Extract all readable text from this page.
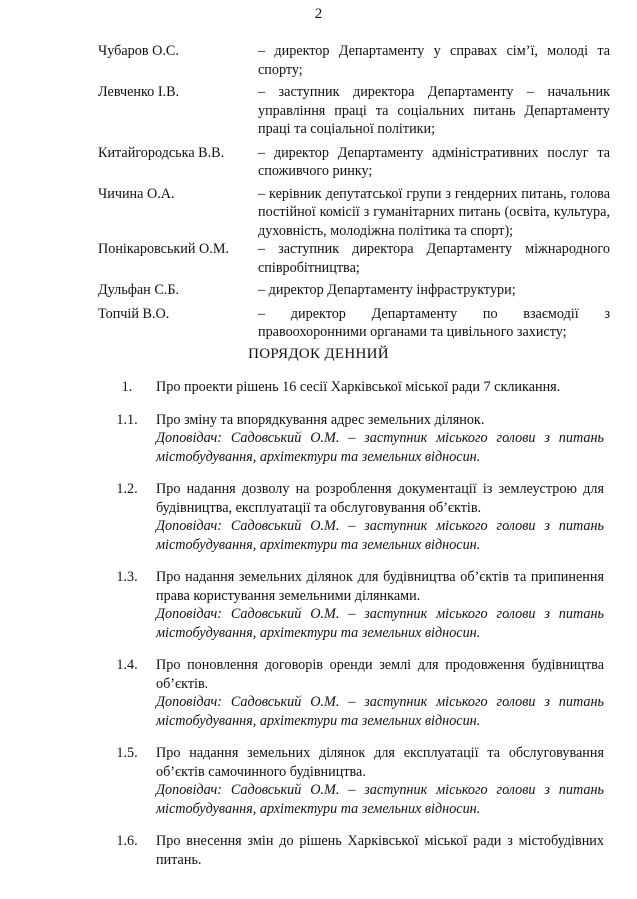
2
Чубаров О.С.	– директор Департаменту у справах сім’ї, молоді та спорту;
Левченко І.В.	– заступник директора Департаменту – начальник управління праці та соціальних питань Департаменту праці та соціальної політики;
Китайгородська В.В.	– директор Департаменту адміністративних послуг та споживчого ринку;
Чичина О.А.	– керівник депутатської групи з гендерних питань, голова постійної комісії з гуманітарних питань (освіта, культура, духовність, молодіжна політика та спорт);
Понікаровський О.М.	– заступник директора Департаменту міжнародного співробітництва;
Дульфан С.Б.	– директор Департаменту інфраструктури;
Топчій В.О.	– директор Департаменту по взаємодії з правоохоронними органами та цивільного захисту;
ПОРЯДОК ДЕННИЙ
1.	Про проекти рішень 16 сесії Харківської міської ради 7 скликання.
1.1.	Про зміну та впорядкування адрес земельних ділянок.
Доповідач: Садовський О.М. – заступник міського голови з питань містобудування, архітектури та земельних відносин.
1.2.	Про надання дозволу на розроблення документації із землеустрою для будівництва, експлуатації та обслуговування об’єктів.
Доповідач: Садовський О.М. – заступник міського голови з питань містобудування, архітектури та земельних відносин.
1.3.	Про надання земельних ділянок для будівництва об’єктів та припинення права користування земельними ділянками.
Доповідач: Садовський О.М. – заступник міського голови з питань містобудування, архітектури та земельних відносин.
1.4.	Про поновлення договорів оренди землі для продовження будівництва об’єктів.
Доповідач: Садовський О.М. – заступник міського голови з питань містобудування, архітектури та земельних відносин.
1.5.	Про надання земельних ділянок для експлуатації та обслуговування об’єктів самочинного будівництва.
Доповідач: Садовський О.М. – заступник міського голови з питань містобудування, архітектури та земельних відносин.
1.6.	Про внесення змін до рішень Харківської міської ради з містобудівних питань.
